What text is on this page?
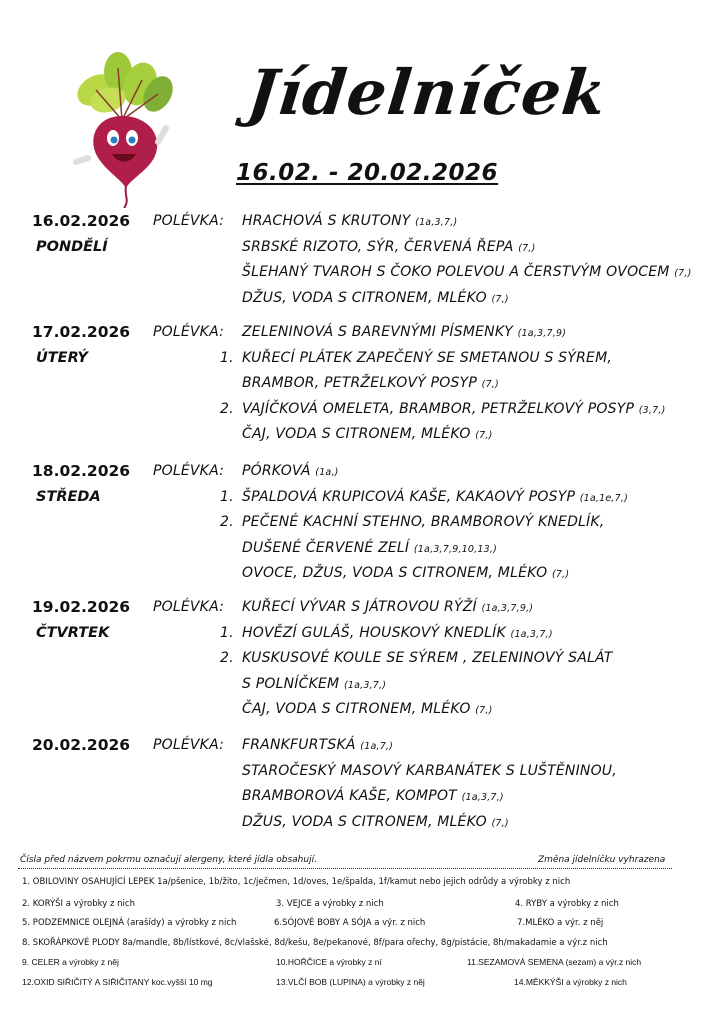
Jídelníček
16.02. - 20.02.2026
16.02.2026
PONDĚLÍ
POLÉVKA: HRACHOVÁ S KRUTONY (1a,3,7,)
SRBSKÉ RIZOTO, SÝR, ČERVENÁ ŘEPA (7,)
ŠLEHANÝ TVAROH S ČOKO POLEVOU A ČERSTVÝM OVOCEM (7,)
DŽUS, VODA S CITRONEM, MLÉKO (7,)
17.02.2026
ÚTERÝ
POLÉVKA: ZELENINOVÁ S BAREVNÝMI PÍSMENKY (1a,3,7,9)
1. KUŘECÍ PLÁTEK ZAPEČENÝ SE SMETANOU S SÝREM,
BRAMBOR, PETRŽELKOVÝ POSYP (7,)
2. VAJÍČKOVÁ OMELETA, BRAMBOR, PETRŽELKOVÝ POSYP (3,7,)
ČAJ, VODA S CITRONEM, MLÉKO (7,)
18.02.2026
STŘEDA
POLÉVKA: PÓRKOVÁ (1a,)
1. ŠPALDOVÁ KRUPICOVÁ KAŠE, KAKAOVÝ POSYP (1a,1e,7,)
2. PEČENÉ KACHNÍ STEHNO, BRAMBOROVÝ KNEDLÍK,
DUŠENÉ ČERVENÉ ZELÍ (1a,3,7,9,10,13,)
OVOCE, DŽUS, VODA S CITRONEM, MLÉKO (7,)
19.02.2026
ČTVRTEK
POLÉVKA: KUŘECÍ VÝVAR S JÁTROVOU RÝŽÍ (1a,3,7,9,)
1. HOVĚZÍ GULÁŠ, HOUSKOVÝ KNEDLÍK (1a,3,7,)
2. KUSKUSOVÉ KOULE SE SÝREM , ZELENINOVÝ SALÁT
S POLNÍČKEM (1a,3,7,)
ČAJ, VODA S CITRONEM, MLÉKO (7,)
20.02.2026 POLÉVKA: FRANKFURTSKÁ (1a,7,)
STAROČESKÝ MASOVÝ KARBANÁTEK S LUŠTĚNINOU,
BRAMBOROVÁ KAŠE, KOMPOT (1a,3,7,)
DŽUS, VODA S CITRONEM, MLÉKO (7,)
Čísla před názvem pokrmu označují alergeny, které jídla obsahují.	Změna jídelníčku vyhrazena
1. OBILOVINY OSAHUJÍCÍ LEPEK 1a/pšenice, 1b/žito, 1c/ječmen, 1d/oves, 1e/špalda, 1f/kamut nebo jejich odrůdy a výrobky z nich
2. KORÝŠI a výrobky z nich	3. VEJCE a výrobky z nich	4. RYBY a výrobky z nich
5. PODZEMNICE OLEJNÁ (arašídy) a výrobky z nich	6.SÓJOVÉ BOBY A SÓJA a výr. z nich	7.MLÉKO a výr. z něj
8. SKOŘÁPKOVÉ PLODY 8a/mandle, 8b/lístkové, 8c/vlašské, 8d/kešu, 8e/pekanové, 8f/para ořechy, 8g/pistácie, 8h/makadamie a výr.z nich
9. CELER a výrobky z něj	10.HOŘČICE a výrobky z ní	11.SEZAMOVÁ SEMENA (sezam) a výr.z nich
12.OXID SIŘIČITÝ A SIŘIČITANY koc.vyšší 10 mg	13.VLČÍ BOB (LUPINA) a výrobky z něj	14.MĚKKÝŠI a výrobky z nich
